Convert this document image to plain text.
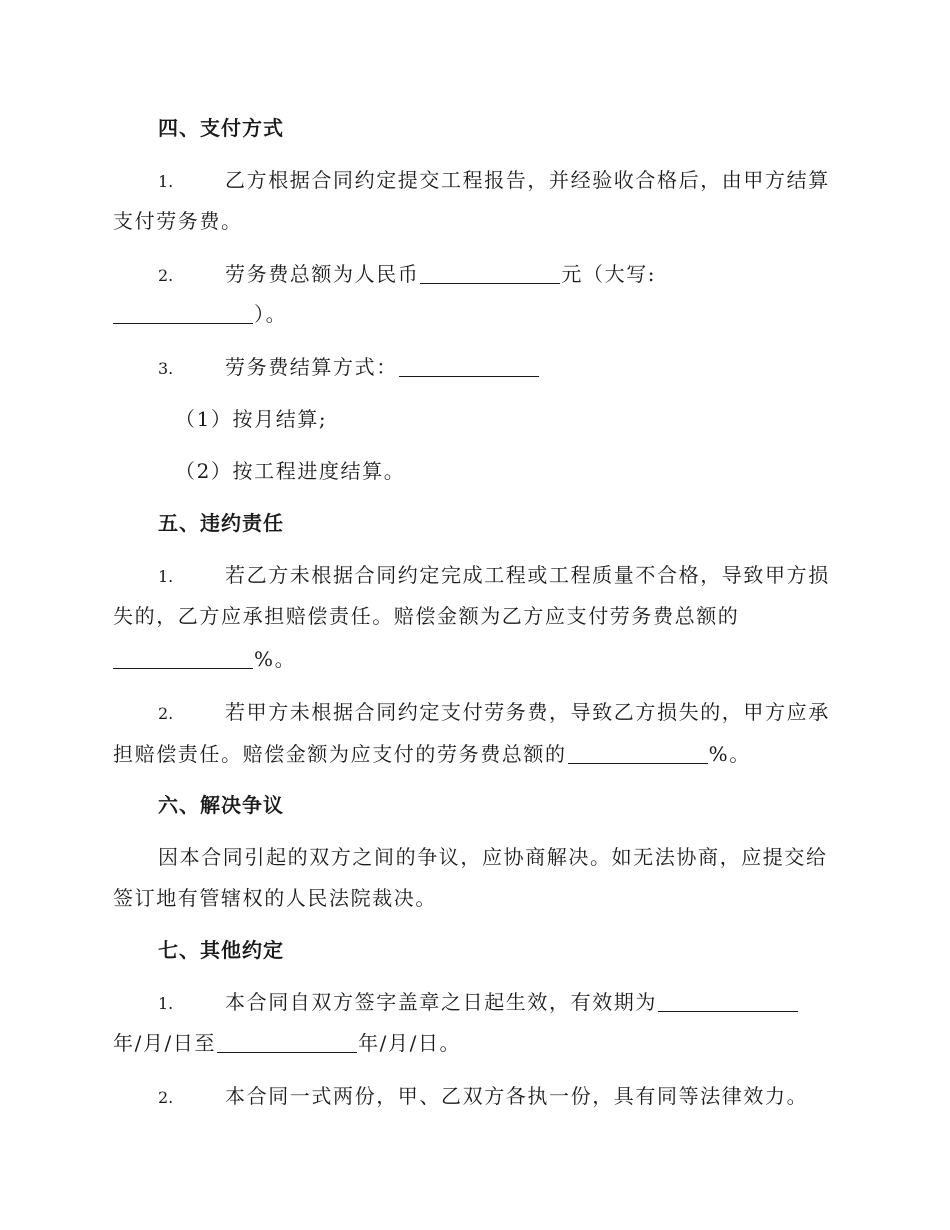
四、支付方式
1.	乙方根据合同约定提交工程报告，并经验收合格后，由甲方结算
支付劳务费。
2.	劳务费总额为人民币	元（大写:
）。
3.	劳务费结算方式：
（1）按月结算;
（2）按工程进度结算。
五、违约责任
1.	若乙方未根据合同约定完成工程或工程质量不合格，导致甲方损
失的，乙方应承担赔偿责任。赔偿金额为乙方应支付劳务费总额的
%。
2.	若甲方未根据合同约定支付劳务费，导致乙方损失的，甲方应承
担赔偿责任。赔偿金额为应支付的劳务费总额的	%。
六、解决争议
因本合同引起的双方之间的争议，应协商解决。如无法协商，应提交给
签订地有管辖权的人民法院裁决。
七、其他约定
1.	本合同自双方签字盖章之日起生效，有效期为
年/月/日至	年/月/日。
2.	本合同一式两份，甲、乙双方各执一份，具有同等法律效力。
